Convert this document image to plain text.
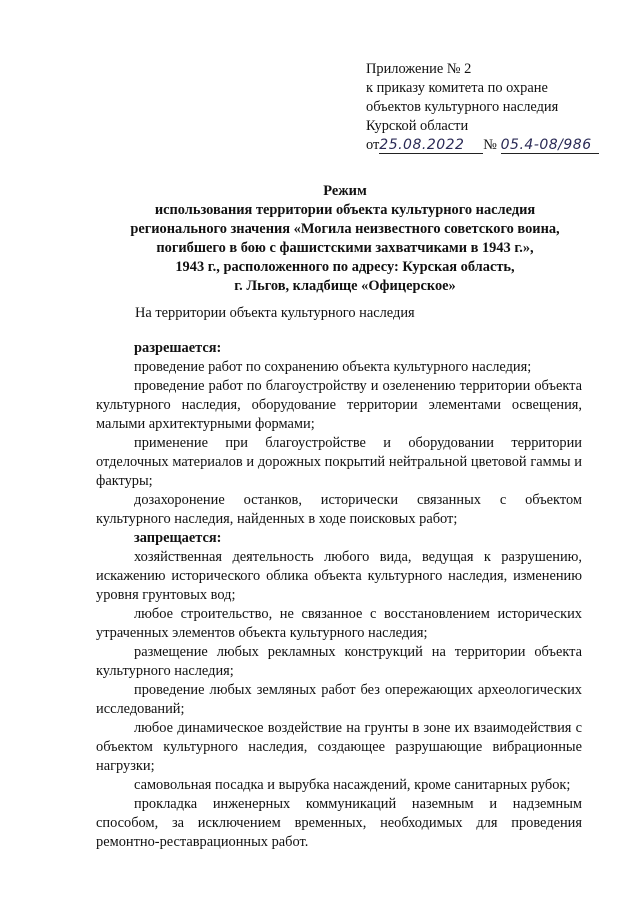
Приложение № 2
к приказу комитета по охране
объектов культурного наследия
Курской области
от25.08.2022 № 05.4-08/986
Режим
использования территории объекта культурного наследия
регионального значения «Могила неизвестного советского воина,
погибшего в бою с фашистскими захватчиками в 1943 г.»,
1943 г., расположенного по адресу: Курская область,
г. Льгов, кладбище «Офицерское»
На территории объекта культурного наследия
разрешается:

проведение работ по сохранению объекта культурного наследия;

проведение работ по благоустройству и озеленению территории объекта культурного наследия, оборудование территории элементами освещения, малыми архитектурными формами;

применение при благоустройстве и оборудовании территории отделочных материалов и дорожных покрытий нейтральной цветовой гаммы и фактуры;

дозахоронение останков, исторически связанных с объектом культурного наследия, найденных в ходе поисковых работ;

запрещается:

хозяйственная деятельность любого вида, ведущая к разрушению, искажению исторического облика объекта культурного наследия, изменению уровня грунтовых вод;

любое строительство, не связанное с восстановлением исторических утраченных элементов объекта культурного наследия;

размещение любых рекламных конструкций на территории объекта культурного наследия;

проведение любых земляных работ без опережающих археологических исследований;

любое динамическое воздействие на грунты в зоне их взаимодействия с объектом культурного наследия, создающее разрушающие вибрационные нагрузки;

самовольная посадка и вырубка насаждений, кроме санитарных рубок;

прокладка инженерных коммуникаций наземным и надземным способом, за исключением временных, необходимых для проведения ремонтно-реставрационных работ.
